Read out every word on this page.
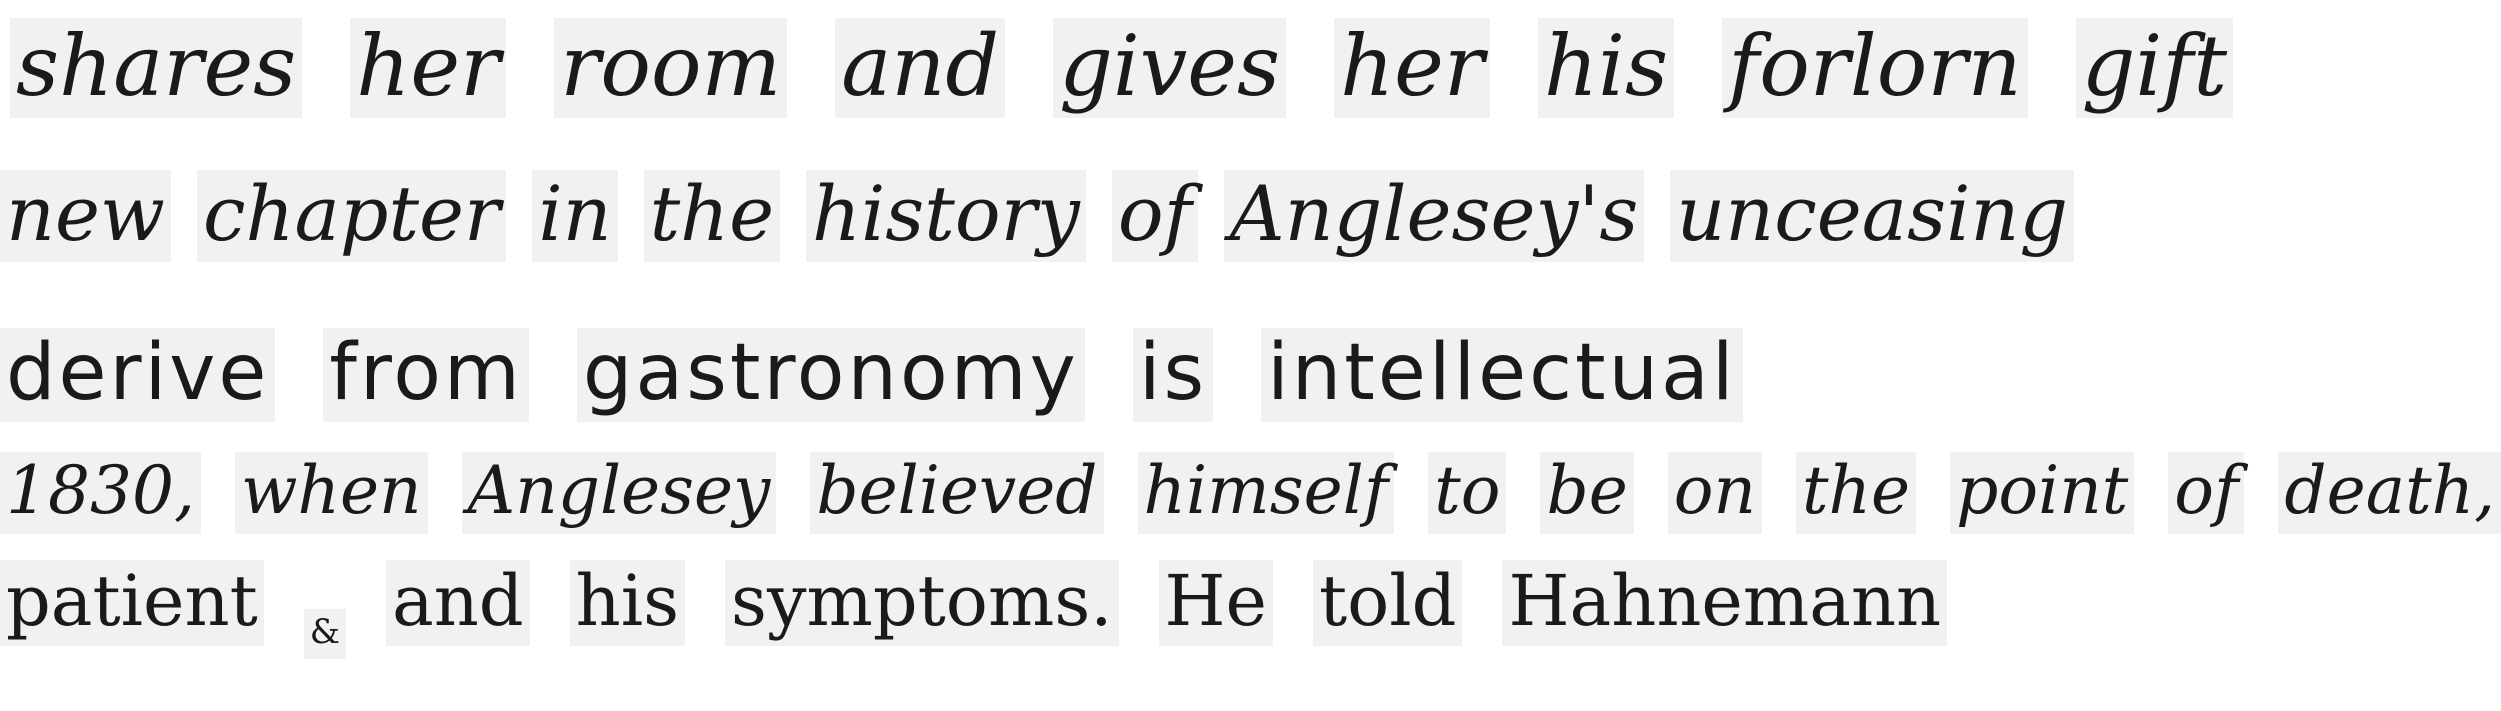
shares her room and gives her his forlorn gift
new chapter in the history of Anglesey's unceasing
derive from gastronomy is intellectual
1830, when Anglesey believed himself to be on the point of death,
patient & and his symptoms. He told Hahnemann
